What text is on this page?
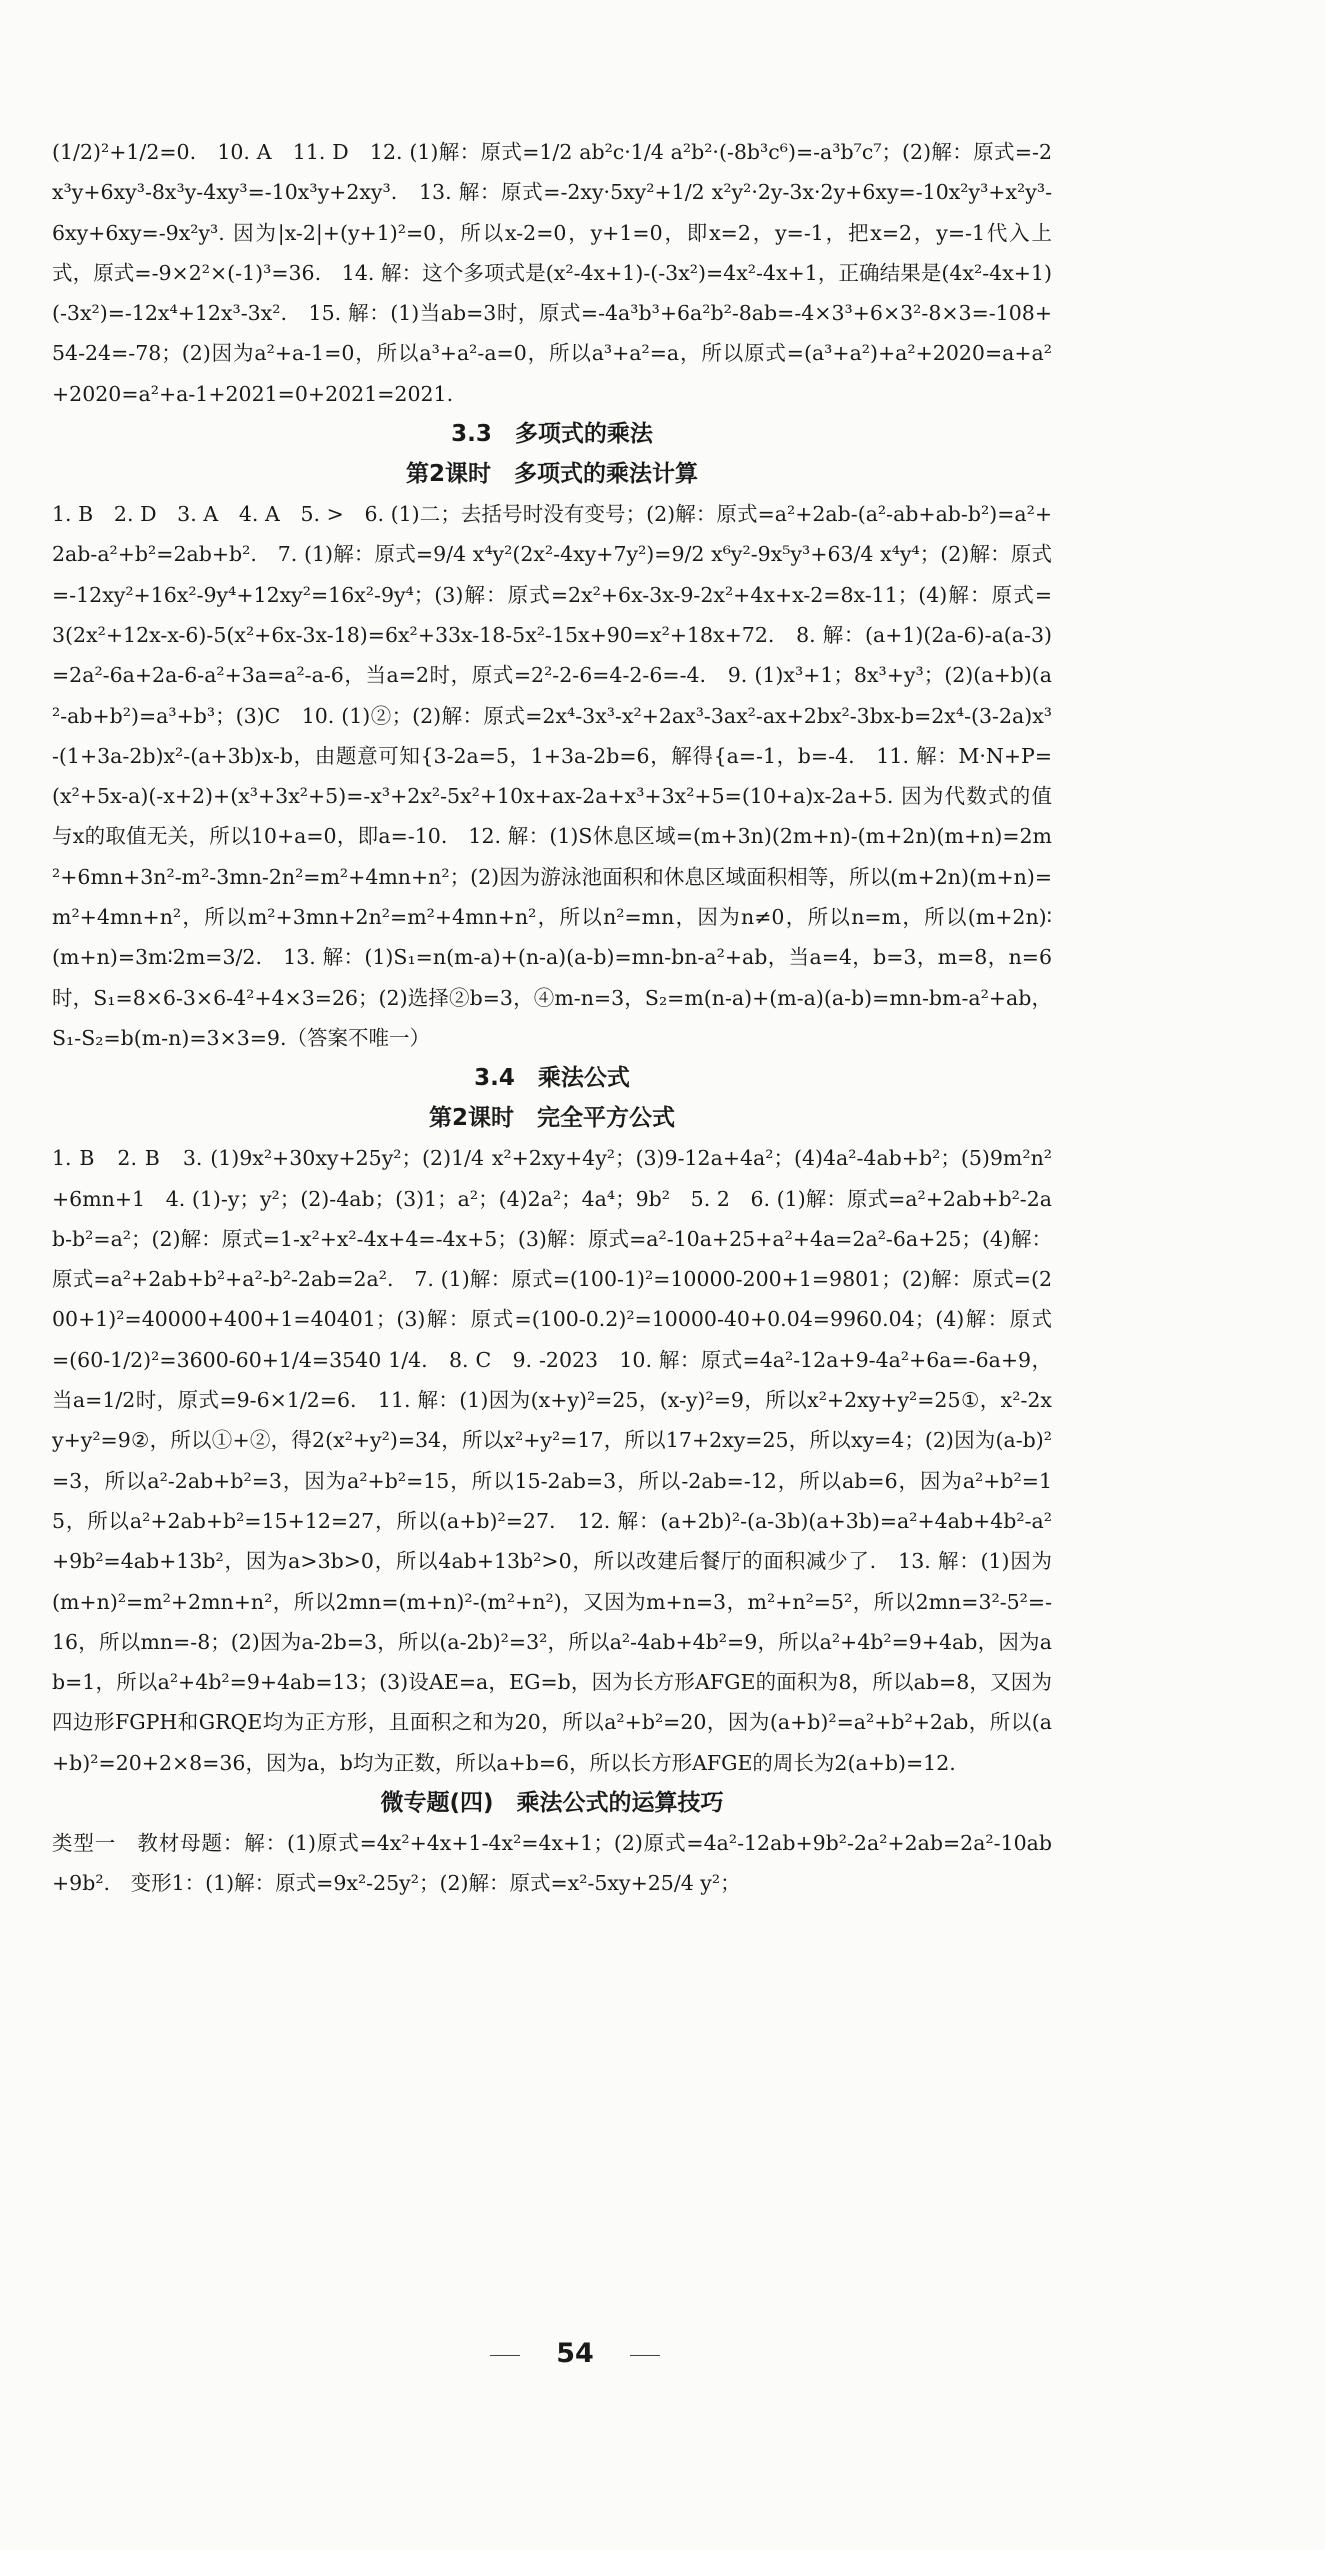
(1/2)²+1/2=0.　10. A　11. D　12. (1)解：原式=1/2 ab²c·1/4 a²b²·(-8b³c⁶)=-a³b⁷c⁷；(2)解：原式=-2x³y+6xy³-8x³y-4xy³=-10x³y+2xy³.　13. 解：原式=-2xy·5xy²+1/2 x²y²·2y-3x·2y+6xy=-10x²y³+x²y³-6xy+6xy=-9x²y³. 因为|x-2|+(y+1)²=0，所以x-2=0，y+1=0，即x=2，y=-1，把x=2，y=-1代入上式，原式=-9×2²×(-1)³=36.　14. 解：这个多项式是(x²-4x+1)-(-3x²)=4x²-4x+1，正确结果是(4x²-4x+1)(-3x²)=-12x⁴+12x³-3x².　15. 解：(1)当ab=3时，原式=-4a³b³+6a²b²-8ab=-4×3³+6×3²-8×3=-108+54-24=-78；(2)因为a²+a-1=0，所以a³+a²-a=0，所以a³+a²=a，所以原式=(a³+a²)+a²+2020=a+a²+2020=a²+a-1+2021=0+2021=2021.

3.3　多项式的乘法

第2课时　多项式的乘法计算

1. B　2. D　3. A　4. A　5. >　6. (1)二；去括号时没有变号；(2)解：原式=a²+2ab-(a²-ab+ab-b²)=a²+2ab-a²+b²=2ab+b².　7. (1)解：原式=9/4 x⁴y²(2x²-4xy+7y²)=9/2 x⁶y²-9x⁵y³+63/4 x⁴y⁴；(2)解：原式=-12xy²+16x²-9y⁴+12xy²=16x²-9y⁴；(3)解：原式=2x²+6x-3x-9-2x²+4x+x-2=8x-11；(4)解：原式=3(2x²+12x-x-6)-5(x²+6x-3x-18)=6x²+33x-18-5x²-15x+90=x²+18x+72.　8. 解：(a+1)(2a-6)-a(a-3)=2a²-6a+2a-6-a²+3a=a²-a-6，当a=2时，原式=2²-2-6=4-2-6=-4.　9. (1)x³+1；8x³+y³；(2)(a+b)(a²-ab+b²)=a³+b³；(3)C　10. (1)②；(2)解：原式=2x⁴-3x³-x²+2ax³-3ax²-ax+2bx²-3bx-b=2x⁴-(3-2a)x³-(1+3a-2b)x²-(a+3b)x-b，由题意可知{3-2a=5，1+3a-2b=6，解得{a=-1，b=-4.　11. 解：M·N+P=(x²+5x-a)(-x+2)+(x³+3x²+5)=-x³+2x²-5x²+10x+ax-2a+x³+3x²+5=(10+a)x-2a+5. 因为代数式的值与x的取值无关，所以10+a=0，即a=-10.　12. 解：(1)S休息区域=(m+3n)(2m+n)-(m+2n)(m+n)=2m²+6mn+3n²-m²-3mn-2n²=m²+4mn+n²；(2)因为游泳池面积和休息区域面积相等，所以(m+2n)(m+n)=m²+4mn+n²，所以m²+3mn+2n²=m²+4mn+n²，所以n²=mn，因为n≠0，所以n=m，所以(m+2n)∶(m+n)=3m∶2m=3/2.　13. 解：(1)S₁=n(m-a)+(n-a)(a-b)=mn-bn-a²+ab，当a=4，b=3，m=8，n=6时，S₁=8×6-3×6-4²+4×3=26；(2)选择②b=3，④m-n=3，S₂=m(n-a)+(m-a)(a-b)=mn-bm-a²+ab，S₁-S₂=b(m-n)=3×3=9.（答案不唯一）

3.4　乘法公式

第2课时　完全平方公式

1. B　2. B　3. (1)9x²+30xy+25y²；(2)1/4 x²+2xy+4y²；(3)9-12a+4a²；(4)4a²-4ab+b²；(5)9m²n²+6mn+1　4. (1)-y；y²；(2)-4ab；(3)1；a²；(4)2a²；4a⁴；9b²　5. 2　6. (1)解：原式=a²+2ab+b²-2ab-b²=a²；(2)解：原式=1-x²+x²-4x+4=-4x+5；(3)解：原式=a²-10a+25+a²+4a=2a²-6a+25；(4)解：原式=a²+2ab+b²+a²-b²-2ab=2a².　7. (1)解：原式=(100-1)²=10000-200+1=9801；(2)解：原式=(200+1)²=40000+400+1=40401；(3)解：原式=(100-0.2)²=10000-40+0.04=9960.04；(4)解：原式=(60-1/2)²=3600-60+1/4=3540 1/4.　8. C　9. -2023　10. 解：原式=4a²-12a+9-4a²+6a=-6a+9，当a=1/2时，原式=9-6×1/2=6.　11. 解：(1)因为(x+y)²=25，(x-y)²=9，所以x²+2xy+y²=25①，x²-2xy+y²=9②，所以①+②，得2(x²+y²)=34，所以x²+y²=17，所以17+2xy=25，所以xy=4；(2)因为(a-b)²=3，所以a²-2ab+b²=3，因为a²+b²=15，所以15-2ab=3，所以-2ab=-12，所以ab=6，因为a²+b²=15，所以a²+2ab+b²=15+12=27，所以(a+b)²=27.　12. 解：(a+2b)²-(a-3b)(a+3b)=a²+4ab+4b²-a²+9b²=4ab+13b²，因为a>3b>0，所以4ab+13b²>0，所以改建后餐厅的面积减少了.　13. 解：(1)因为(m+n)²=m²+2mn+n²，所以2mn=(m+n)²-(m²+n²)，又因为m+n=3，m²+n²=5²，所以2mn=3²-5²=-16，所以mn=-8；(2)因为a-2b=3，所以(a-2b)²=3²，所以a²-4ab+4b²=9，所以a²+4b²=9+4ab，因为ab=1，所以a²+4b²=9+4ab=13；(3)设AE=a，EG=b，因为长方形AFGE的面积为8，所以ab=8，又因为四边形FGPH和GRQE均为正方形，且面积之和为20，所以a²+b²=20，因为(a+b)²=a²+b²+2ab，所以(a+b)²=20+2×8=36，因为a，b均为正数，所以a+b=6，所以长方形AFGE的周长为2(a+b)=12.

微专题(四)　乘法公式的运算技巧

类型一　教材母题：解：(1)原式=4x²+4x+1-4x²=4x+1；(2)原式=4a²-12ab+9b²-2a²+2ab=2a²-10ab+9b².　变形1：(1)解：原式=9x²-25y²；(2)解：原式=x²-5xy+25/4 y²；

54
